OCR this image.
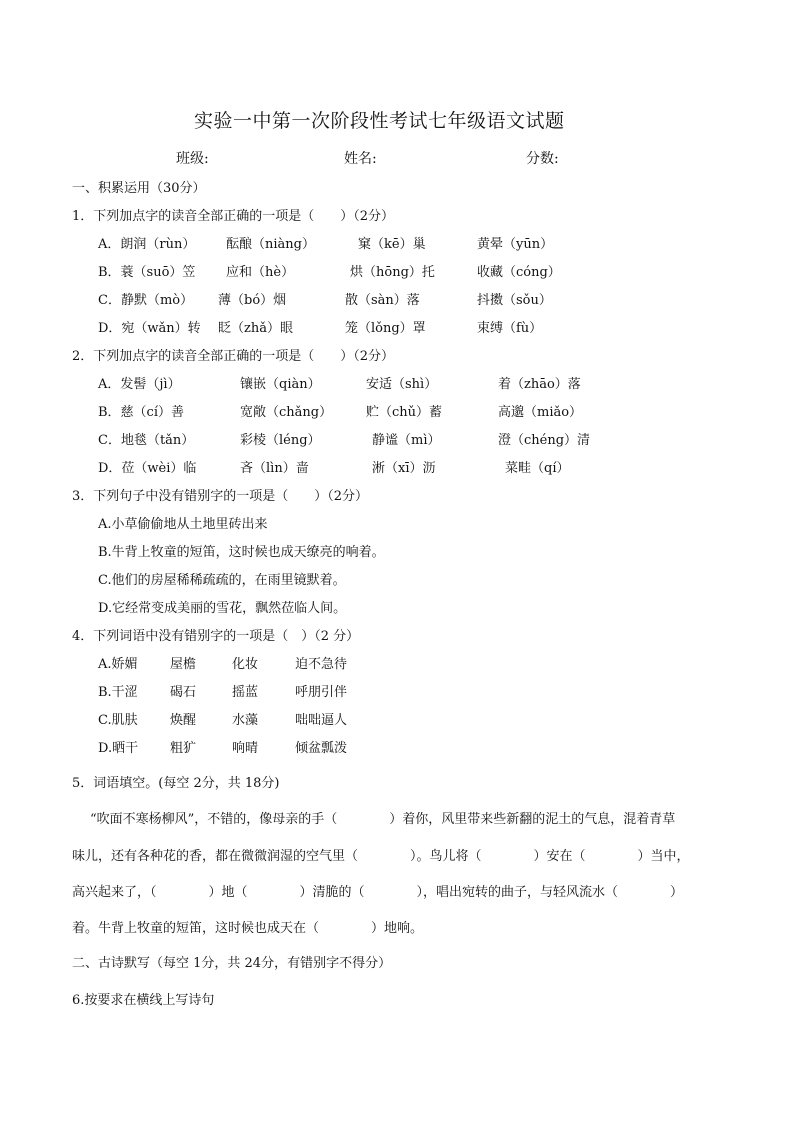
实验一中第一次阶段性考试七年级语文试题
班级:	姓名:	分数:
一、积累运用（30分）
1．下列加点字的读音全部正确的一项是（　　）（2分）
A．朗润（rùn） 酝酿（niàng）	窠（kē）巢	黄晕（yūn）
B．蓑（suō）笠 应和（hè）	烘（hōng）托	收藏（cóng）
C．静默（mò） 薄（bó）烟	散（sàn）落	抖擞（sǒu）
D．宛（wǎn）转 眨（zhǎ）眼	笼（lǒng）罩	束缚（fù）
2．下列加点字的读音全部正确的一项是（　　）（2分）
A．发髻（jì）	镶嵌（qiàn）	安适（shì）	着（zhāo）落
B．慈（cí）善	宽敞（chǎng）	贮（chǔ）蓄	高邈（miǎo）
C．地毯（tǎn）	彩棱（léng）	静谧（mì）	澄（chéng）清
D．莅（wèi）临	吝（lìn）啬	淅（xī）沥	菜畦（qí）
3．下列句子中没有错别字的一项是（　　）（2分）
A.小草偷偷地从土地里砖出来
B.牛背上牧童的短笛，这时候也成天缭亮的响着。
C.他们的房屋稀稀疏疏的，在雨里镜默着。
D.它经常变成美丽的雪花，飘然莅临人间。
4．下列词语中没有错别字的一项是（　）（2 分）
A.娇媚 屋檐	化妆	迫不急待
B.干涩 碣石	摇蓝	呼朋引伴
C.肌肤 焕醒	水藻	咄咄逼人
D.晒干 粗犷	响晴	倾盆瓢泼
5．词语填空。(每空 2分，共 18分)
“吹面不寒杨柳风”，不错的，像母亲的手（　　　　）着你，风里带来些新翻的泥土的气息，混着青草
味儿，还有各种花的香，都在微微润湿的空气里（　　　　）。鸟儿将（　　　　）安在（　　　　）当中，
高兴起来了，（　　　　）地（　　　　）清脆的（　　　　），唱出宛转的曲子，与轻风流水（　　　　）
着。牛背上牧童的短笛，这时候也成天在（　　　　）地响。
二、古诗默写（每空 1分，共 24分，有错别字不得分）
6.按要求在横线上写诗句
